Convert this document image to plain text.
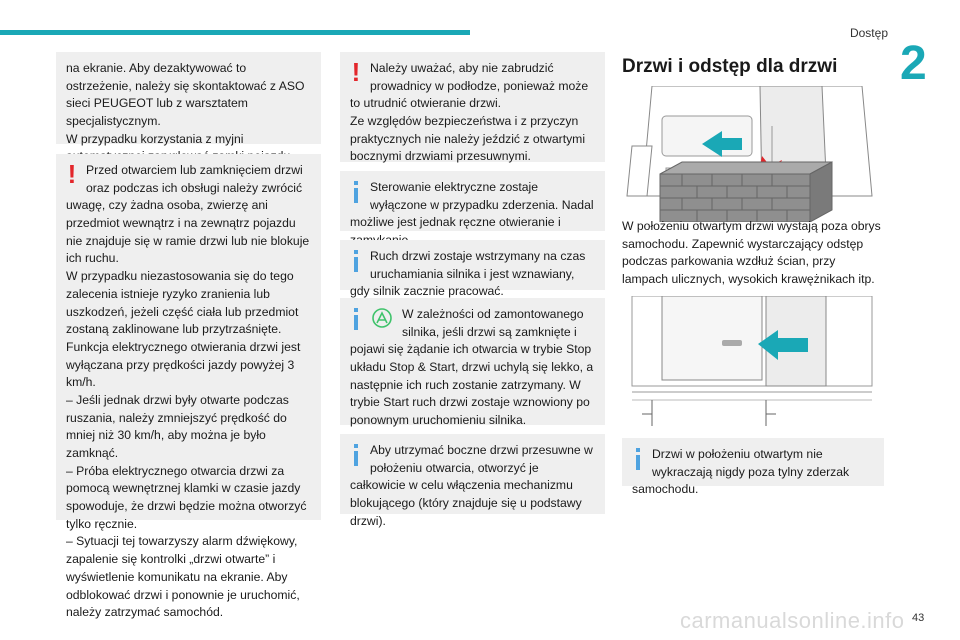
Dostęp
2

na ekranie. Aby dezaktywować to ostrzeżenie, należy się skontaktować z ASO sieci PEUGEOT lub z warsztatem specjalistycznym.
W przypadku korzystania z myjni

! Przed otwarciem lub zamknięciem drzwi oraz podczas ich obsługi należy zwrócić uwagę, czy żadna osoba, zwierzę ani przedmiot wewnątrz i na zewnątrz pojazdu nie znajduje się w ramie drzwi lub nie blokuje ich ruchu.
W przypadku niezastosowania się do tego zalecenia istnieje ryzyko zranienia lub uszkodzeń, jeżeli część ciała lub przedmiot zostaną zaklinowane lub przytrzaśnięte.
Funkcja elektrycznego otwierania drzwi jest wyłączana przy prędkości jazdy powyżej 3 km/h.
– Jeśli jednak drzwi były otwarte podczas ruszania, należy zmniejszyć prędkość do mniej niż 30 km/h, aby można je było zamknąć.
– Próba elektrycznego otwarcia drzwi za pomocą wewnętrznej klamki w czasie jazdy spowoduje, że drzwi będzie można otworzyć tylko ręcznie.
– Sytuacji tej towarzyszy alarm dźwiękowy, zapalenie się kontrolki „drzwi otwarte” i wyświetlenie komunikatu na ekranie. Aby odblokować drzwi i ponownie je uruchomić, należy zatrzymać samochód.

! Należy uważać, aby nie zabrudzić prowadnicy w podłodze, ponieważ może to utrudnić otwieranie drzwi.
Ze względów bezpieczeństwa i z przyczyn praktycznych nie należy jeździć z otwartymi bocznymi drzwiami przesuwnymi.

Sterowanie elektryczne zostaje wyłączone w przypadku zderzenia. Nadal możliwe jest jednak ręczne otwieranie i

Ruch drzwi zostaje wstrzymany na czas uruchamiania silnika i jest wznawiany, gdy silnik zacznie pracować.

W zależności od zamontowanego silnika, jeśli drzwi są zamknięte i pojawi się żądanie ich otwarcia w trybie Stop układu Stop & Start, drzwi uchylą się lekko, a następnie ich ruch zostanie zatrzymany. W trybie Start ruch drzwi zostaje wznowiony po ponownym uruchomieniu silnika.

Aby utrzymać boczne drzwi przesuwne w położeniu otwarcia, otworzyć je całkowicie w celu włączenia mechanizmu blokującego (który znajduje się u podstawy drzwi).

Drzwi i odstęp dla drzwi

W położeniu otwartym drzwi wystają poza obrys samochodu. Zapewnić wystarczający odstęp podczas parkowania wzdłuż ścian, przy lampach ulicznych, wysokich krawężnikach itp.

Drzwi w położeniu otwartym nie wykraczają nigdy poza tylny zderzak samochodu.

carmanualsonline.info 43
